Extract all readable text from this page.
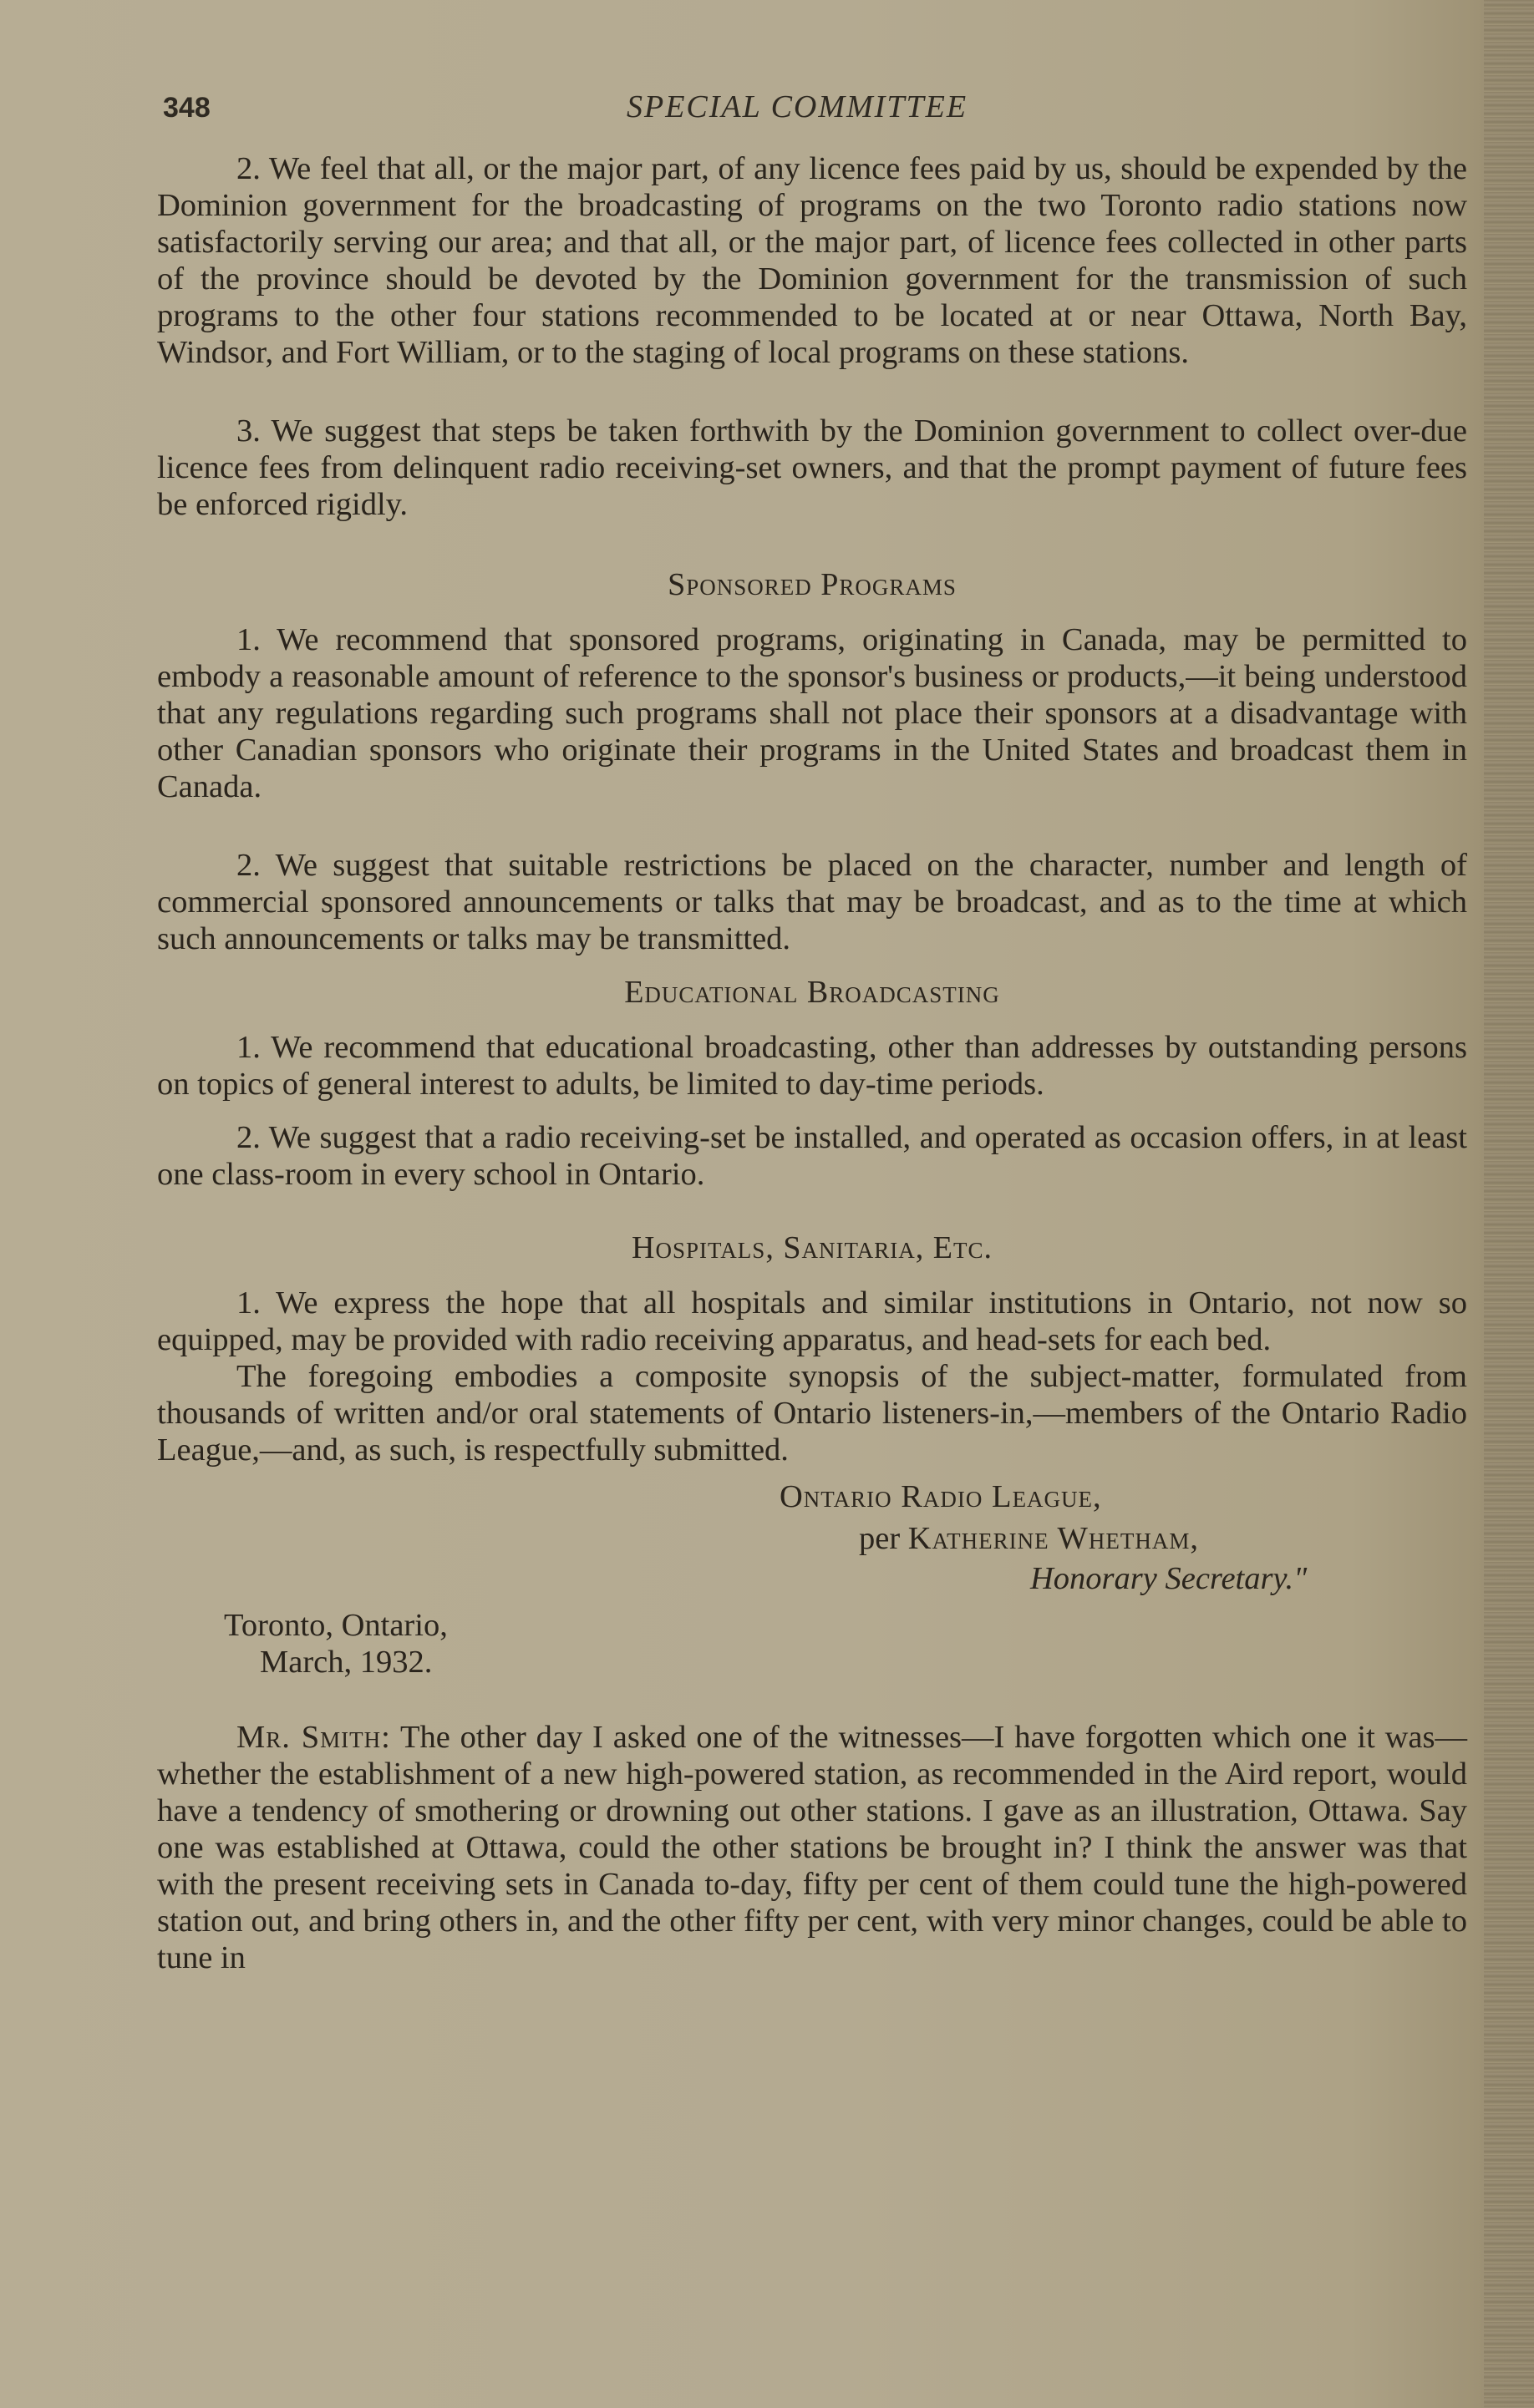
348	SPECIAL COMMITTEE

2. We feel that all, or the major part, of any licence fees paid by us, should be expended by the Dominion government for the broadcasting of programs on the two Toronto radio stations now satisfactorily serving our area; and that all, or the major part, of licence fees collected in other parts of the province should be devoted by the Dominion government for the transmission of such programs to the other four stations recommended to be located at or near Ottawa, North Bay, Windsor, and Fort William, or to the staging of local programs on these stations.

3. We suggest that steps be taken forthwith by the Dominion government to collect over-due licence fees from delinquent radio receiving-set owners, and that the prompt payment of future fees be enforced rigidly.

Sponsored Programs

1. We recommend that sponsored programs, originating in Canada, may be permitted to embody a reasonable amount of reference to the sponsor's business or products,—it being understood that any regulations regarding such programs shall not place their sponsors at a disadvantage with other Canadian sponsors who originate their programs in the United States and broadcast them in Canada.

2. We suggest that suitable restrictions be placed on the character, number and length of commercial sponsored announcements or talks that may be broadcast, and as to the time at which such announcements or talks may be transmitted.

Educational Broadcasting

1. We recommend that educational broadcasting, other than addresses by outstanding persons on topics of general interest to adults, be limited to day-time periods.

2. We suggest that a radio receiving-set be installed, and operated as occasion offers, in at least one class-room in every school in Ontario.

Hospitals, Sanitaria, Etc.

1. We express the hope that all hospitals and similar institutions in Ontario, not now so equipped, may be provided with radio receiving apparatus, and head-sets for each bed.

The foregoing embodies a composite synopsis of the subject-matter, formulated from thousands of written and/or oral statements of Ontario listeners-in,—members of the Ontario Radio League,—and, as such, is respectfully submitted.

Ontario Radio League,
per Katherine Whetham,
Honorary Secretary."
Toronto, Ontario,
March, 1932.

Mr. Smith: The other day I asked one of the witnesses—I have forgotten which one it was—whether the establishment of a new high-powered station, as recommended in the Aird report, would have a tendency of smothering or drowning out other stations. I gave as an illustration, Ottawa. Say one was established at Ottawa, could the other stations be brought in? I think the answer was that with the present receiving sets in Canada to-day, fifty per cent of them could tune the high-powered station out, and bring others in, and the other fifty per cent, with very minor changes, could be able to tune in
